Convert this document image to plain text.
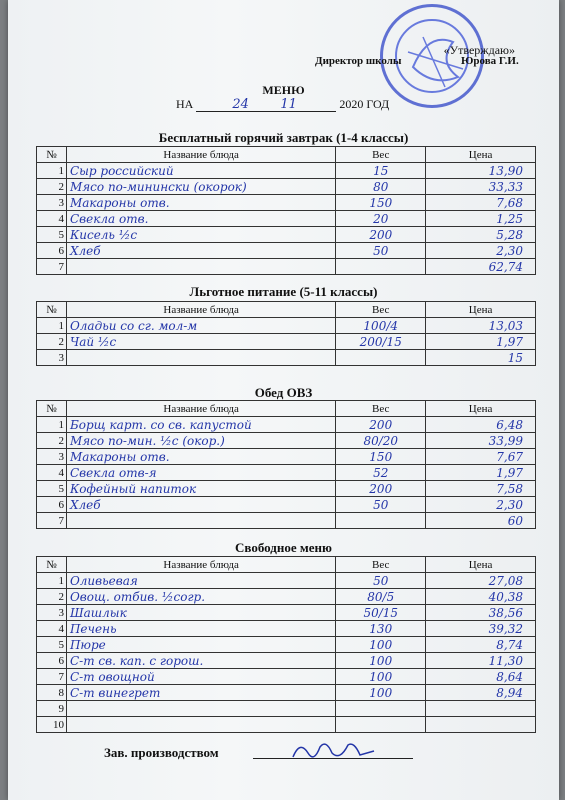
«Утверждаю»
Директор школы	Юрова Г.И.
МЕНЮ
НА	24 11	2020 ГОД
Бесплатный горячий завтрак (1-4 классы)
№	Название блюда	Вес	Цена
1	Сыр российский	15	13,90
2	Мясо по-минински (окорок)	80	33,33
3	Макароны отв.	150	7,68
4	Свекла отв.	20	1,25
5	Кисель ½с	200	5,28
6	Хлеб	50	2,30
7			62,74
Льготное питание (5-11 классы)
№	Название блюда	Вес	Цена
1	Оладьи со сг. мол-м	100/4	13,03
2	Чай ½с	200/15	1,97
3			15
Обед ОВЗ
№	Название блюда	Вес	Цена
1	Борщ карт. со св. капустой	200	6,48
2	Мясо по-мин. ½с (окор.)	80/20	33,99
3	Макароны отв.	150	7,67
4	Свекла отв-я	52	1,97
5	Кофейный напиток	200	7,58
6	Хлеб	50	2,30
7			60
Свободное меню
№	Название блюда	Вес	Цена
1	Оливьевая	50	27,08
2	Овощ. отбив. ½согр.	80/5	40,38
3	Шашлык	50/15	38,56
4	Печень	130	39,32
5	Пюре	100	8,74
6	С-т св. кап. с горош.	100	11,30
7	С-т овощной	100	8,64
8	С-т винегрет	100	8,94
9			
10			
Зав. производством
